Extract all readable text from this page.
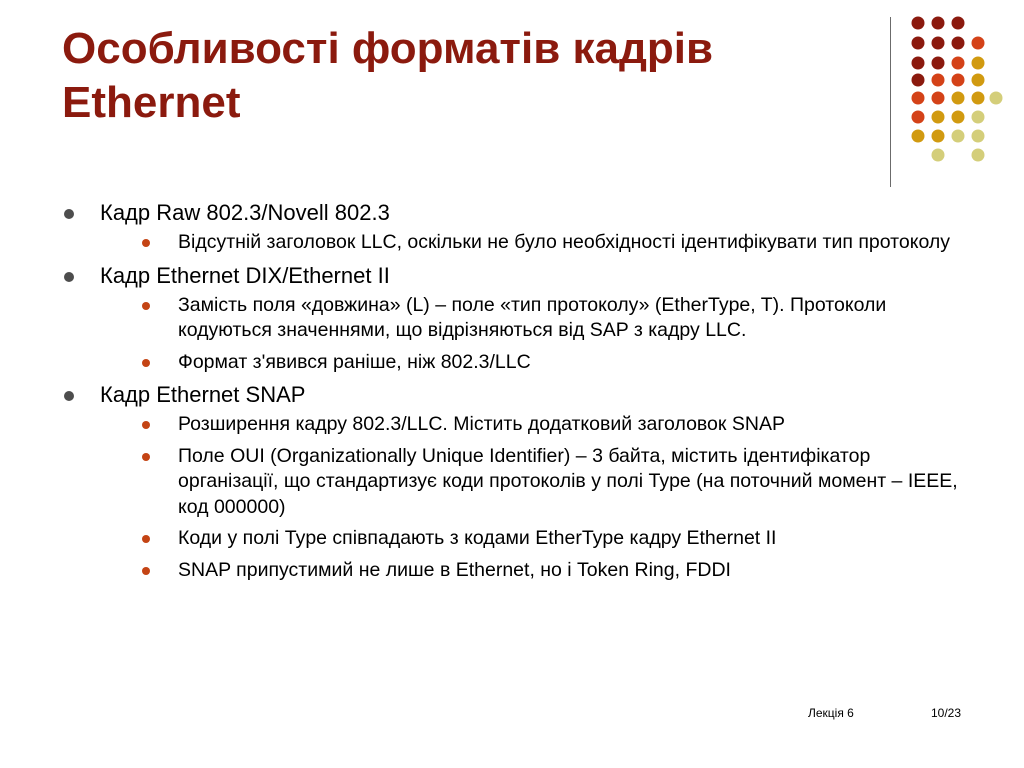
Особливості форматів кадрів
Ethernet
Кадр Raw 802.3/Novell 802.3
Відсутній заголовок LLC, оскільки не було необхідності ідентифікувати тип протоколу
Кадр Ethernet DIX/Ethernet II
Замість поля «довжина» (L) – поле «тип протоколу» (EtherType, T). Протоколи кодуються значеннями, що відрізняються від SAP з кадру LLC.
Формат з'явився раніше, ніж 802.3/LLC
Кадр Ethernet SNAP
Розширення кадру 802.3/LLC. Містить додатковий заголовок SNAP
Поле OUI (Organizationally Unique Identifier) – 3 байта, містить ідентифікатор організації, що стандартизує коди протоколів у полі Type (на поточний момент – IEEE, код 000000)
Коди у полі Type співпадають з кодами EtherType кадру Ethernet II
SNAP припустимий не лише в Ethernet, но і Token Ring, FDDI
Лекція 6	10/23
